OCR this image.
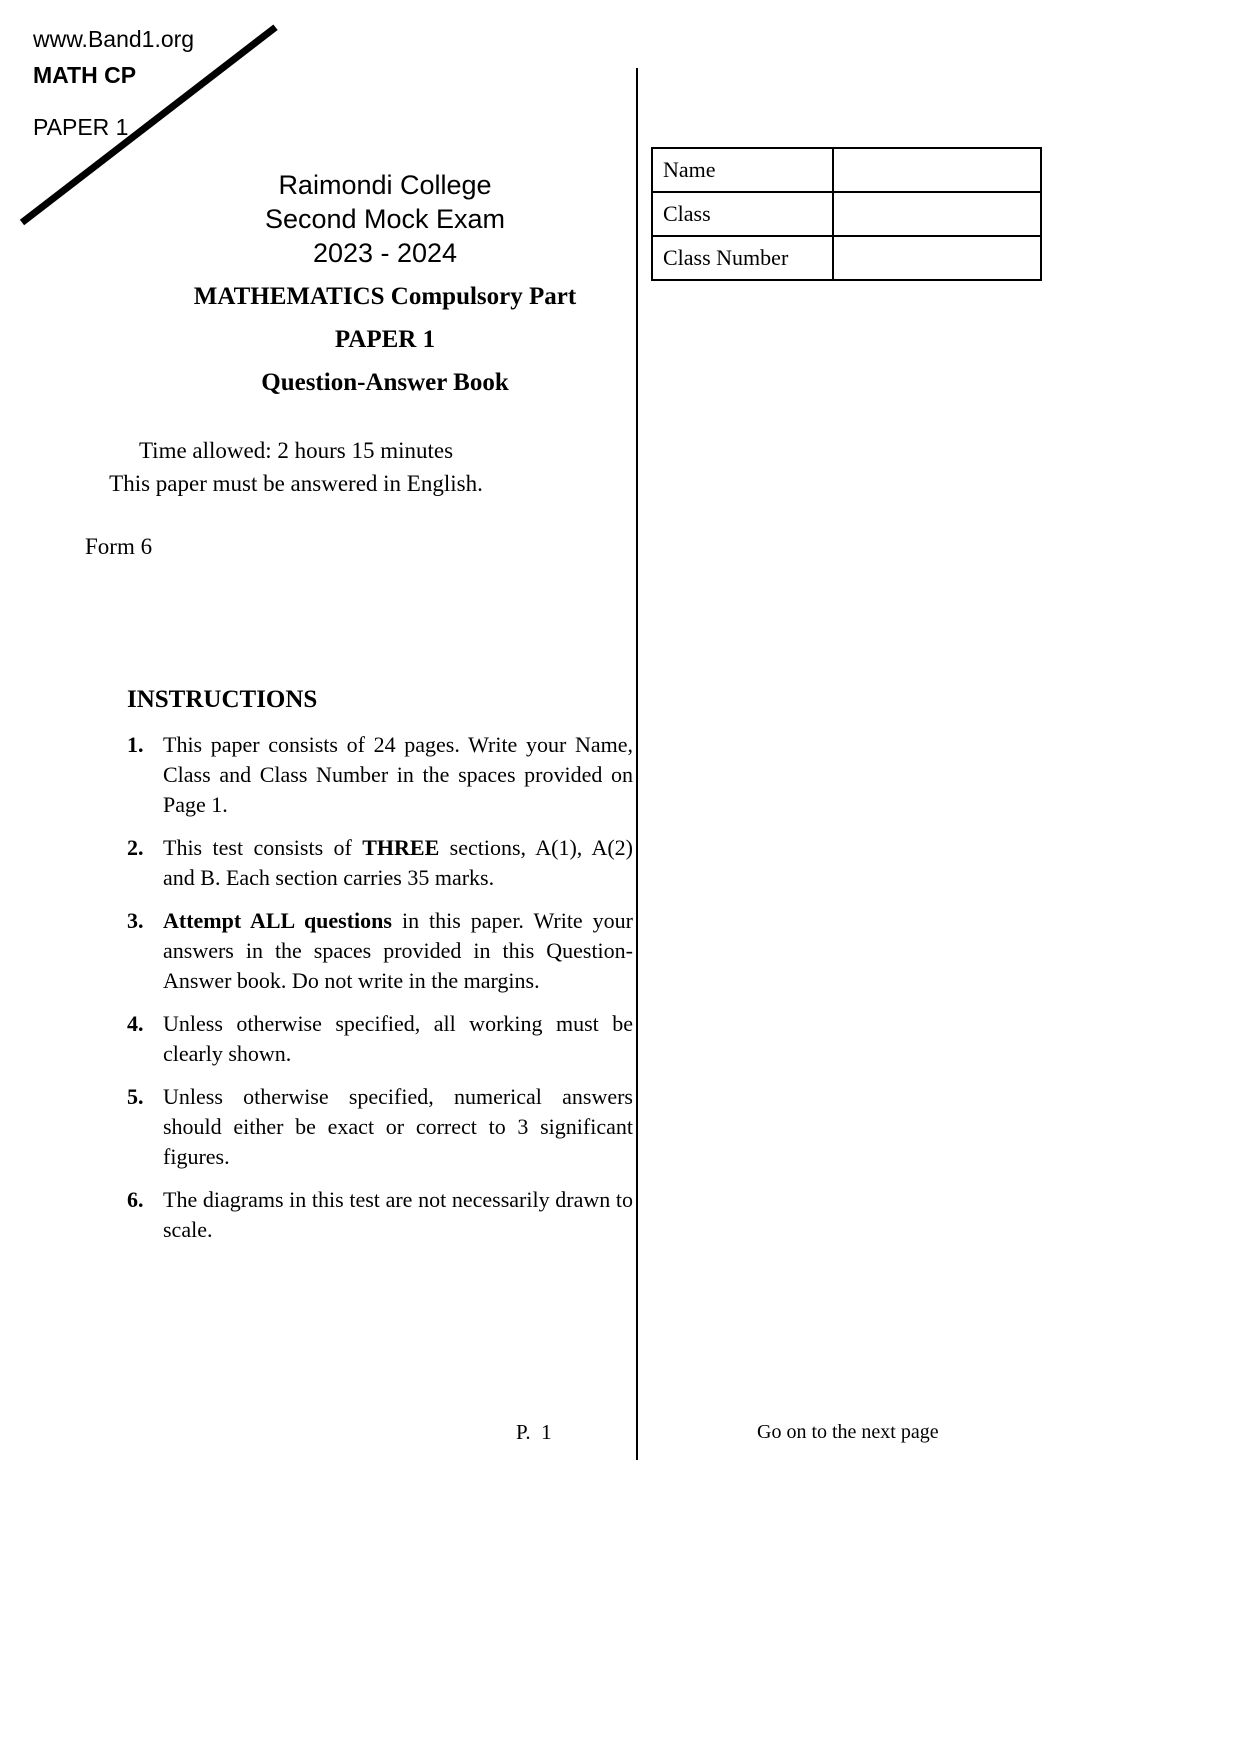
www.Band1.org
MATH CP
PAPER 1
Name	
Class	
Class Number	
Raimondi College
Second Mock Exam
2023 - 2024
MATHEMATICS Compulsory Part
PAPER 1
Question-Answer Book
Time allowed: 2 hours 15 minutes
This paper must be answered in English.
Form 6
INSTRUCTIONS
1. This paper consists of 24 pages. Write your Name, Class and Class Number in the spaces provided on Page 1.
2. This test consists of THREE sections, A(1), A(2) and B. Each section carries 35 marks.
3. Attempt ALL questions in this paper. Write your answers in the spaces provided in this Question-Answer book. Do not write in the margins.
4. Unless otherwise specified, all working must be clearly shown.
5. Unless otherwise specified, numerical answers should either be exact or correct to 3 significant figures.
6. The diagrams in this test are not necessarily drawn to scale.
P.  1	Go on to the next page
